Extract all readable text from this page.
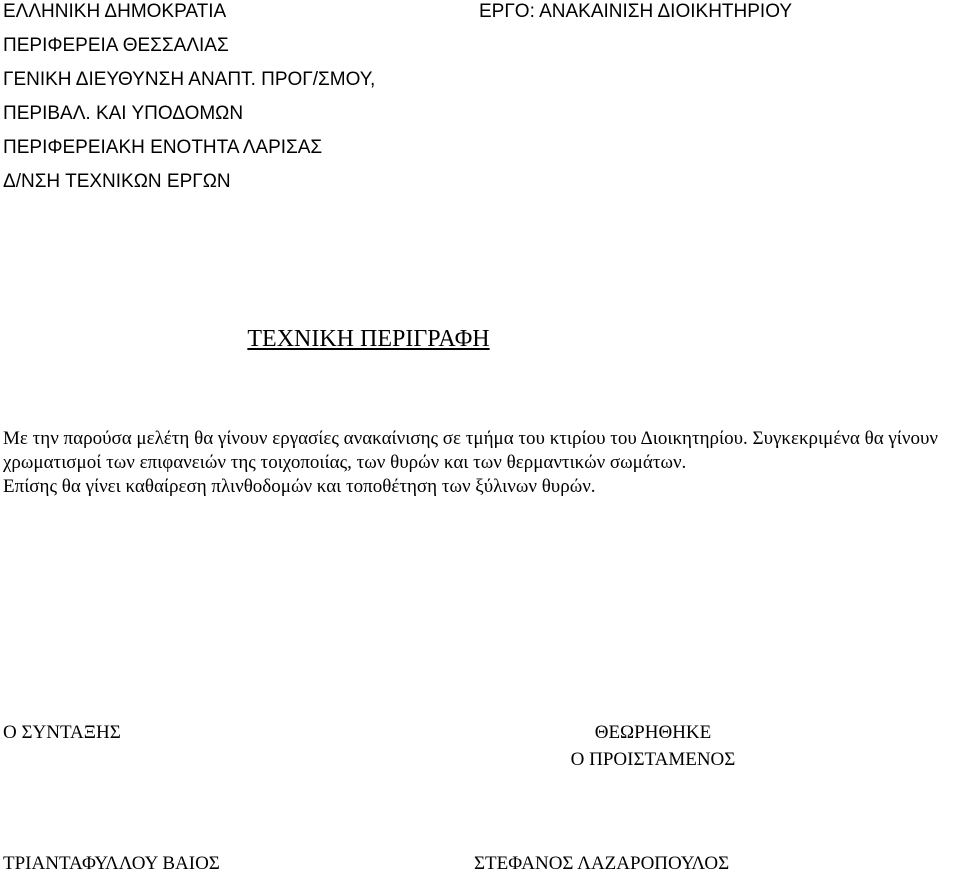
ΕΛΛΗΝΙΚΗ ΔΗΜΟΚΡΑΤΙΑ
ΠΕΡΙΦΕΡΕΙΑ ΘΕΣΣΑΛΙΑΣ
ΓΕΝΙΚΗ ΔΙΕΥΘΥΝΣΗ ΑΝΑΠΤ. ΠΡΟΓ/ΣΜΟΥ,
ΠΕΡΙΒΑΛ. ΚΑΙ ΥΠΟΔΟΜΩΝ
ΠΕΡΙΦΕΡΕΙΑΚΗ ΕΝΟΤΗΤΑ ΛΑΡΙΣΑΣ
Δ/ΝΣΗ ΤΕΧΝΙΚΩΝ ΕΡΓΩΝ
ΕΡΓΟ: ΑΝΑΚΑΙΝΙΣΗ ΔΙΟΙΚΗΤΗΡΙΟΥ
ΤΕΧΝΙΚΗ ΠΕΡΙΓΡΑΦΗ

Με την παρούσα μελέτη θα γίνουν εργασίες ανακαίνισης σε τμήμα του κτιρίου του Διοικητηρίου. Συγκεκριμένα θα γίνουν χρωματισμοί των επιφανειών της τοιχοποιίας, των θυρών και των θερμαντικών σωμάτων.

Επίσης θα γίνει καθαίρεση πλινθοδομών και τοποθέτηση των ξύλινων θυρών.

Ο ΣΥΝΤΑΞΗΣ	ΘΕΩΡΗΘΗΚΕ
Ο ΠΡΟΙΣΤΑΜΕΝΟΣ
ΤΡΙΑΝΤΑΦΥΛΛΟΥ ΒΑΙΟΣ	ΣΤΕΦΑΝΟΣ ΛΑΖΑΡΟΠΟΥΛΟΣ
